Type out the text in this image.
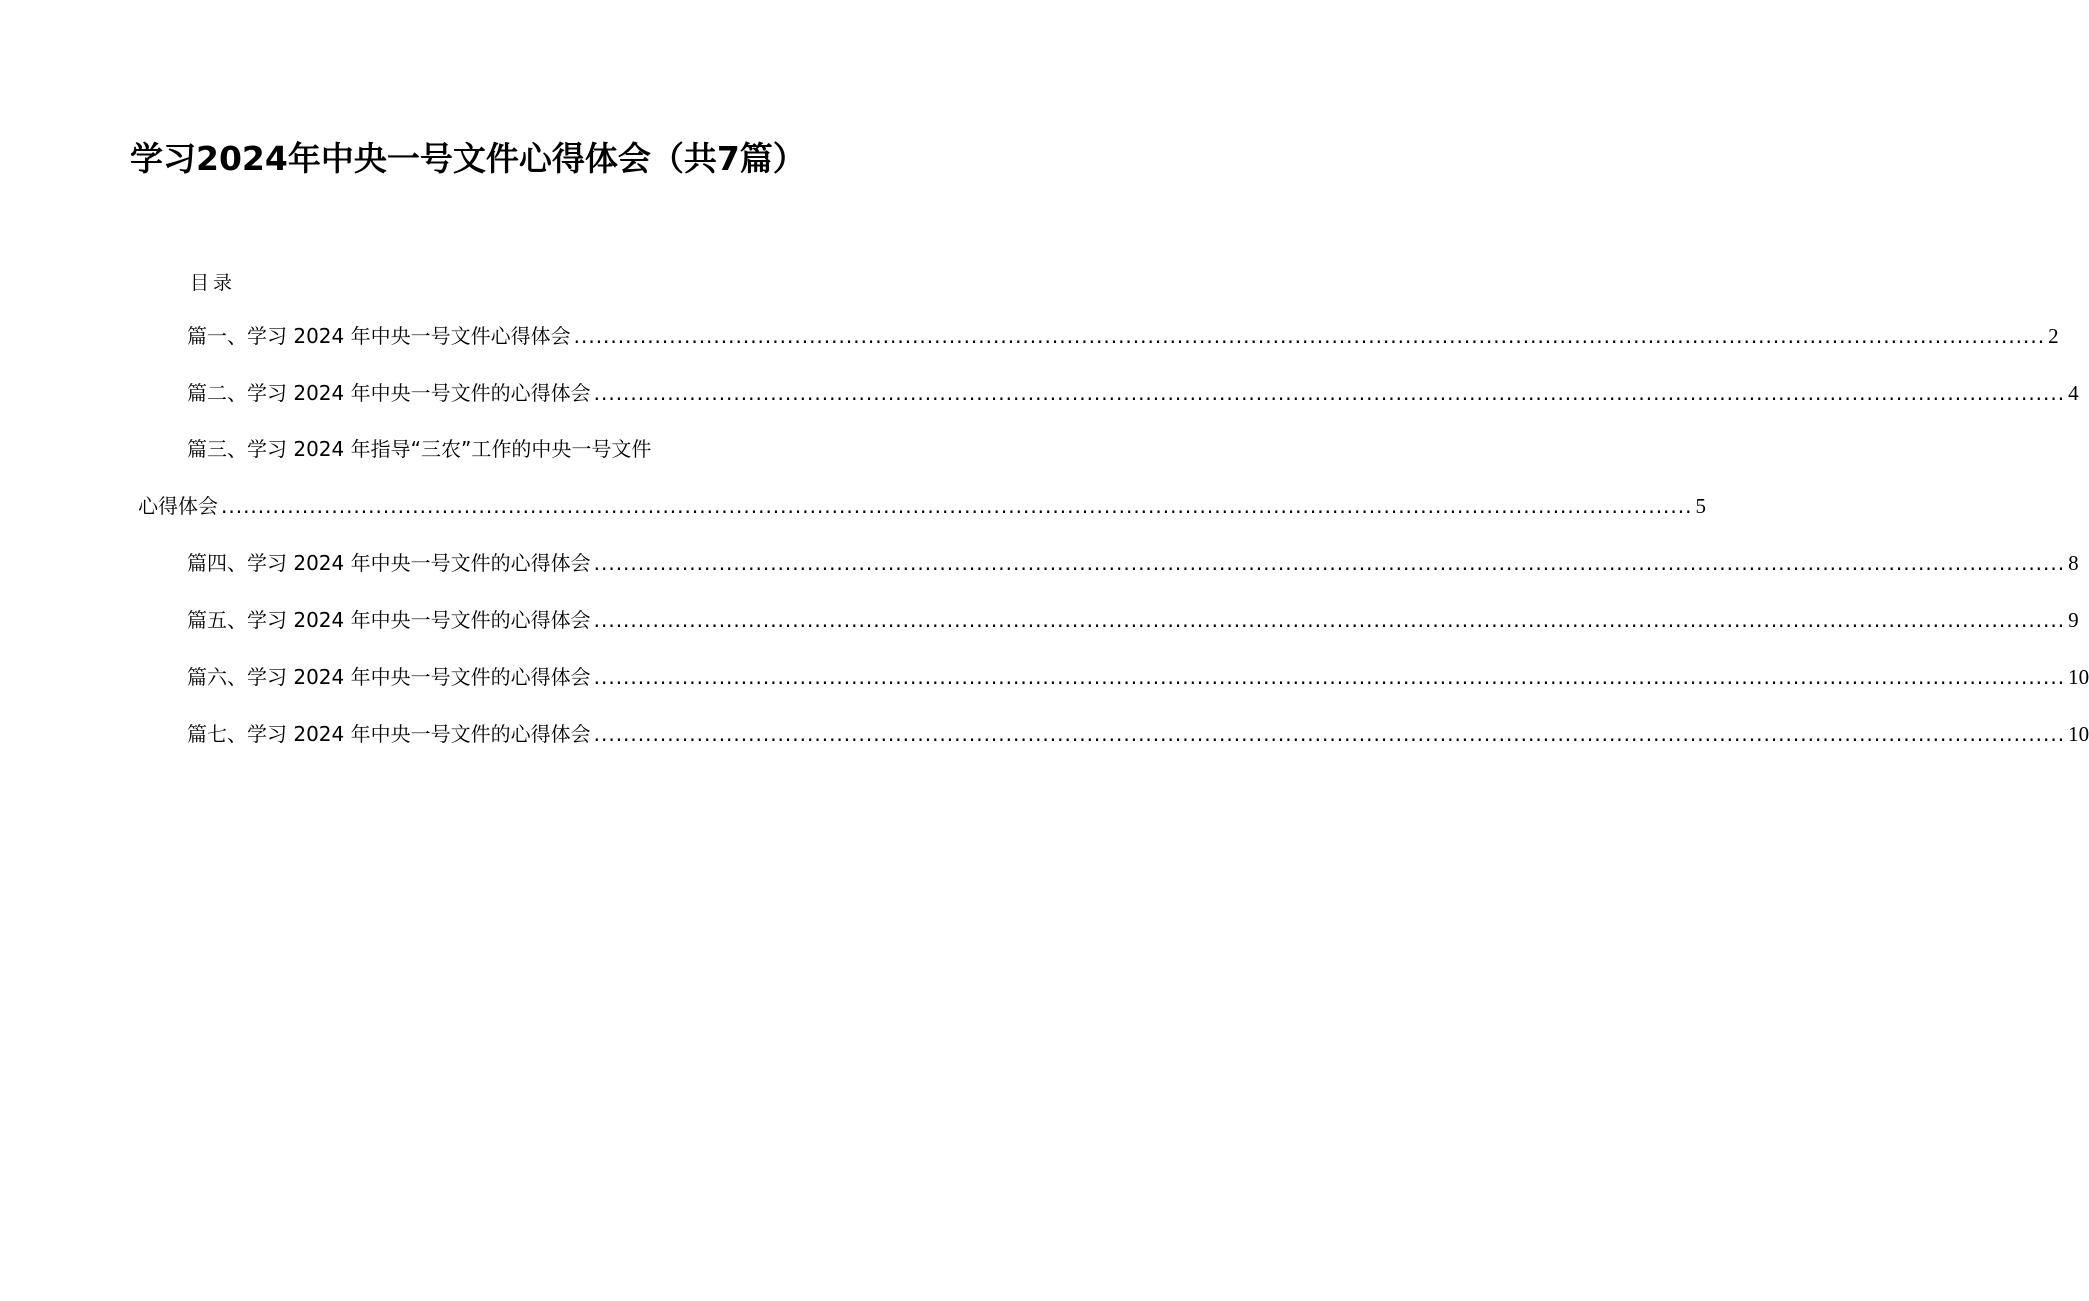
学习2024年中央一号文件心得体会（共7篇）
目录
篇一、学习 2024 年中央一号文件心得体会 ........................................................................................................................................................................................................ 2
篇二、学习 2024 年中央一号文件的心得体会 ........................................................................................................................................................................................................ 4
篇三、学习 2024 年指导“三农”工作的中央一号文件
心得体会 ........................................................................................................................................................................................................ 5
篇四、学习 2024 年中央一号文件的心得体会 ........................................................................................................................................................................................................ 8
篇五、学习 2024 年中央一号文件的心得体会 ........................................................................................................................................................................................................ 9
篇六、学习 2024 年中央一号文件的心得体会 ........................................................................................................................................................................................................ 10
篇七、学习 2024 年中央一号文件的心得体会 ........................................................................................................................................................................................................ 10
